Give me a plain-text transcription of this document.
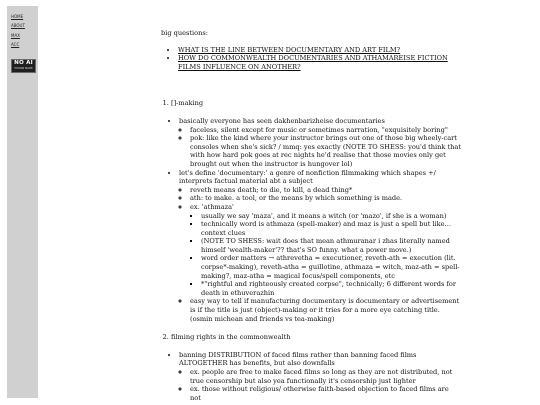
HOME
ABOUT
MAX
ACC
NO AI
HUMAN MADE

big questions:

• WHAT IS THE LINE BETWEEN DOCUMENTARY AND ART FILM?
• HOW DO COMMONWEALTH DOCUMENTARIES AND ATHAMAREISE FICTION FILMS INFLUENCE ON ANOTHER?
1. []-making
• basically everyone has seen dakhenbarizheise documentaries
◦ faceless, silent except for music or sometimes narration, "exquisitely boring"
◦ pok: like the kind where your instructor brings out one of those big wheely-cart consoles when she's sick? / mmq: yes exactly (NOTE TO SHESS: you'd think that with how hard pok goes at rec nights he'd realise that those movies only get brought out when the instructor is hungover lol)
• let's define 'documentary:' a genre of nonfiction filmmaking which shapes +/ interprets factual material abt a subject
◦ reveth means death; to die, to kill, a dead thing*
◦ ath: to make. a tool, or the means by which something is made.
◦ ex. 'athmaza'
▪ usually we say 'maza', and it means a witch (or 'mazo', if she is a woman)
▪ technically word is athmaza (spell-maker) and maz is just a spell but like… context clues
▪ (NOTE TO SHESS: wait does that mean athmuranar i zhas literally named himself 'wealth-maker'?? that's SO funny. what a power move.)
▪ word order matters → athrevetha = executioner, reveth-ath = execution (lit. corpse*-making), reveth-atha = guillotine, athmaza = witch, maz-ath = spell-making?, maz-atha = magical focus/spell components, etc
▪ *"rightful and righteously created corpse", technically; 6 different words for death in ethuverazhin
◦ easy way to tell if manufacturing documentary is documentary or advertisement is if the title is just (object)-making or it tries for a more eye catching title. (osmin michean and friends vs tea-making)
2. filming rights in the commonwealth
• banning DISTRIBUTION of faced films rather than banning faced films ALTOGETHER has benefits, but also downfalls
◦ ex. people are free to make faced films so long as they are not distributed, not true censorship but also yea functionally it's censorship just lighter
◦ ex. those without religious/ otherwise faith-based objection to faced films are not
